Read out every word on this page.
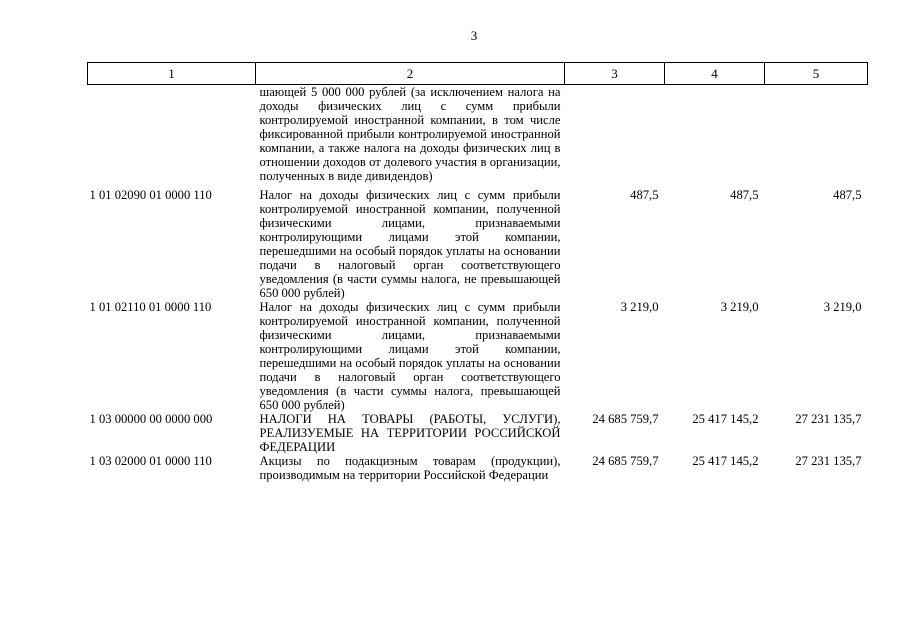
3
1	2	3	4	5
	шающей 5 000 000 рублей (за исключением налога на доходы физических лиц с сумм прибыли контролируемой иностранной компании, в том числе фиксированной прибыли контролируемой иностранной компании, а также налога на доходы физических лиц в отношении доходов от долевого участия в организации, полученных в виде дивидендов)			
1 01 02090 01 0000 110	Налог на доходы физических лиц с сумм прибыли контролируемой иностранной компании, полученной физическими лицами, признаваемыми контролирующими лицами этой компании, перешедшими на особый порядок уплаты на основании подачи в налоговый орган соответствующего уведомления (в части суммы налога, не превышающей 650 000 рублей)	487,5	487,5	487,5
1 01 02110 01 0000 110	Налог на доходы физических лиц с сумм прибыли контролируемой иностранной компании, полученной физическими лицами, признаваемыми контролирующими лицами этой компании, перешедшими на особый порядок уплаты на основании подачи в налоговый орган соответствующего уведомления (в части суммы налога, превышающей 650 000 рублей)	3 219,0	3 219,0	3 219,0
1 03 00000 00 0000 000	НАЛОГИ НА ТОВАРЫ (РАБОТЫ, УСЛУГИ), РЕАЛИЗУЕМЫЕ НА ТЕРРИТОРИИ РОССИЙСКОЙ ФЕДЕРАЦИИ	24 685 759,7	25 417 145,2	27 231 135,7
1 03 02000 01 0000 110	Акцизы по подакцизным товарам (продукции), производимым на территории Российской Федерации	24 685 759,7	25 417 145,2	27 231 135,7
